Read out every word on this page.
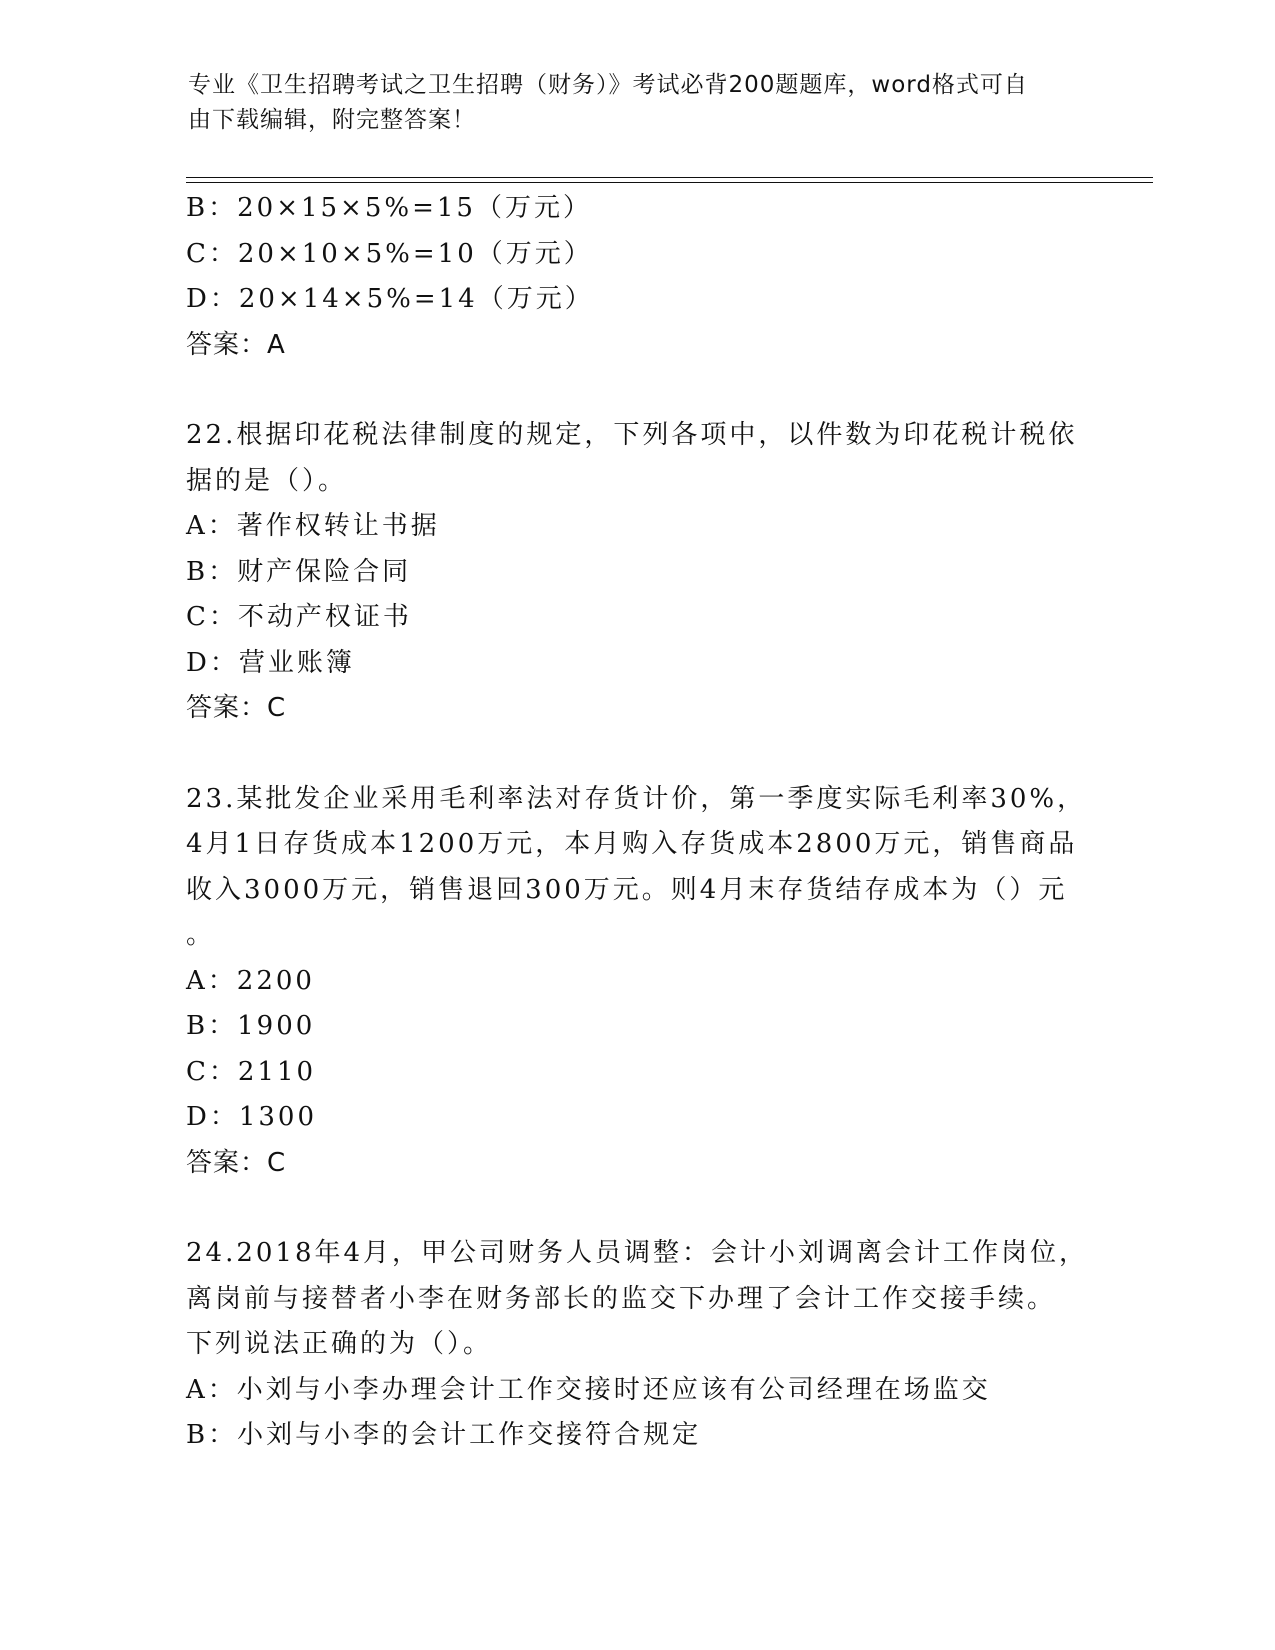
专业《卫生招聘考试之卫生招聘（财务）》考试必背200题题库，word格式可自
由下载编辑，附完整答案！
B：20×15×5%=15（万元）
C：20×10×5%=10（万元）
D：20×14×5%=14（万元）
答案：A
22.根据印花税法律制度的规定，下列各项中，以件数为印花税计税依
据的是（）。
A：著作权转让书据
B：财产保险合同
C：不动产权证书
D：营业账簿
答案：C
23.某批发企业采用毛利率法对存货计价，第一季度实际毛利率30%，
4月1日存货成本1200万元，本月购入存货成本2800万元，销售商品
收入3000万元，销售退回300万元。则4月末存货结存成本为（）元
。
A：2200
B：1900
C：2110
D：1300
答案：C
24.2018年4月，甲公司财务人员调整：会计小刘调离会计工作岗位，
离岗前与接替者小李在财务部长的监交下办理了会计工作交接手续。
下列说法正确的为（）。
A：小刘与小李办理会计工作交接时还应该有公司经理在场监交
B：小刘与小李的会计工作交接符合规定
